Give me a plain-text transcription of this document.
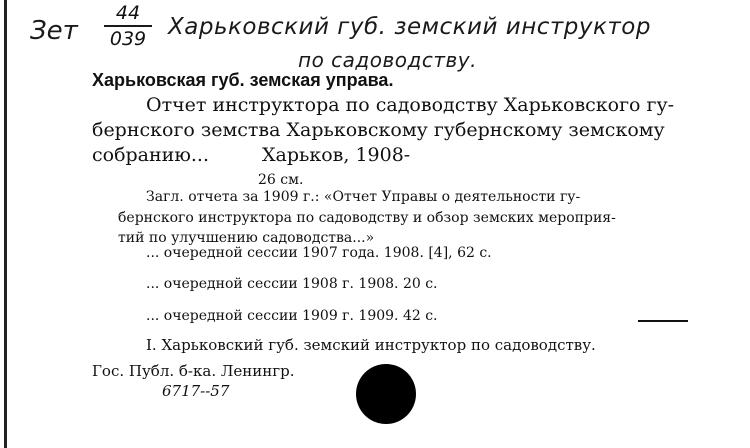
Зет
44
039 Харьковский губ. земский инструктор
по садоводству.
Харьковская губ. земская управа.
Отчет инструктора по садоводству Харьковского гу-
бернского земства Харьковскому губернскому земскому
собранию...	Харьков, 1908-
26 см.
Загл. отчета за 1909 г.: «Отчет Управы о деятельности гу-
бернского инструктора по садоводству и обзор земских мероприя-
тий по улучшению садоводства...»
... очередной сессии 1907 года. 1908. [4], 62 с.
... очередной сессии 1908 г. 1908. 20 с.
... очередной сессии 1909 г. 1909. 42 с.
I. Харьковский губ. земский инструктор по садоводству.
Гос. Публ. б-ка. Ленингр.
6717--57
